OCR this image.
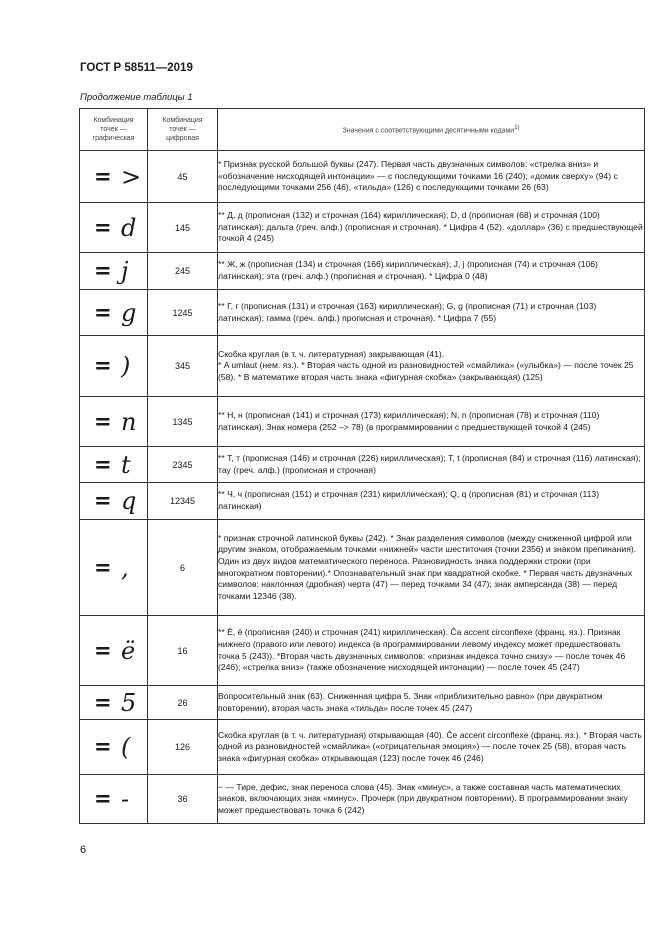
ГОСТ Р 58511—2019
Продолжение таблицы 1
Комбинация точек — графическая	Комбинация точек — цифровая	Значения с соответствующими десятичными кодами$^{1)}$

= >	45	* Признак русской большой буквы (247). Первая часть двузначных символов: «стрелка вниз» и «обозначение нисходящей интонации» — с последующими точками 16 (240); «домик сверху» (94) с последующими точками 256 (46), «тильда» (126) с последующими точками 26 (63)

= d	145	** Д, д (прописная (132) и строчная (164) кириллическая); D, d (прописная (68) и строчная (100) латинская); дальта (греч. алф.) (прописная и строчная). * Цифра 4 (52). «доллар» (36) с предшествующей точкой 4 (245)

= j	245	** Ж, ж (прописная (134) и строчная (166) кириллическая); J, j (прописная (74) и строчная (106) латинская); эта (греч. алф.) (прописная и строчная). * Цифра 0 (48)

= g	1245	** Г, г (прописная (131) и строчная (163) кириллическая); G, g (прописная (71) и строчная (103) латинская); гамма (греч. алф.) прописная и строчная). * Цифра 7 (55)

= )	345	Скобка круглая (в т. ч. литературная) закрывающая (41).
* A umlaut (нем. яз.). * Вторая часть одной из разновидностей «смайлика» («улыбка») — после точек 25 (58). * В математике вторая часть знака «фигурная скобка» (закрывающая) (125)

= n	1345	** Н, н (прописная (141) и строчная (173) кириллическая); N, n (прописная (78) и строчная (110) латинская). Знак номера (252 –> 78) (в программировании с предшествующей точкой 4 (245)

= t	2345	** Т, т (прописная (146) и строчная (226) кириллическая); T, t (прописная (84) и строчная (116) латинская); тау (греч. алф.) (прописная и строчная)

= q	12345	** Ч, ч (прописная (151) и строчная (231) кириллическая); Q, q (прописная (81) и строчная (113) латинская)

= ,	6	* признак строчной латинской буквы (242). * Знак разделения символов (между сниженной цифрой или другим знаком, отображаемым точками «нижней» части шеститочия (точки 2356) и знаком препинания). Один из двух видов математического переноса. Разновидность знака поддержки строки (при многократном повторении).* Опознавательный знак при квадратной скобке. * Первая часть двузначных символов: наклонная (дробная) черта (47) — перед точками 34 (47); знак амперсанда (38) — перед точками 12346 (38).

= ë	16	** Ё, ё (прописная (240) и строчная (241) кириллическая). Ĉa accent circonflexe (франц. яз.). Признак нижнего (правого или левого) индекса (в программировании левому индексу может предшествовать точка 5 (243)). *Вторая часть двузначных символов: «признак индекса точно снизу» — после точек 46 (246); «стрелка вниз» (также обозначение нисходящей интонации) — после точек 45 (247)

= 5	26	Вопросительный знак (63). Сниженная цифра 5. Знак «приблизительно равно» (при двукратном повторении), вторая часть знака «тильда» после точек 45 (247)

= (	126	Скобка круглая (в т. ч. литературная) открывающая (40). Ĉe accent circonflexe (франц. яз.). * Вторая часть одной из разновидностей «смайлика» («отрицательная эмоция») — после точек 25 (58), вторая часть знака «фигурная скобка» открывающая (123) после точек 46 (246)

= -	36	− — Тире, дефис, знак переноса слова (45). Знак «минус», а также составная часть математических знаков, включающих знак «минус». Прочерк (при двукратном повторении). В программировании знаку может предшествовать точка 6 (242)
6
